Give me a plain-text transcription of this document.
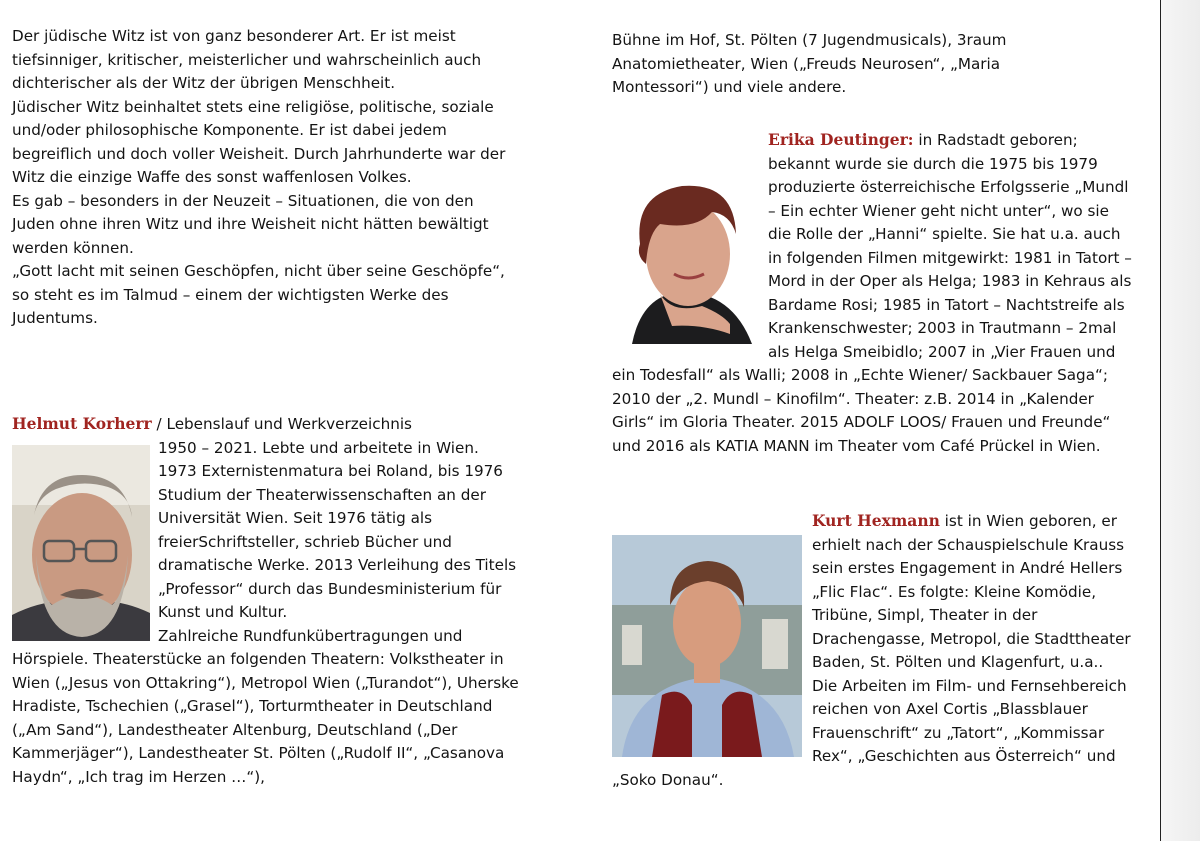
Der jüdische Witz ist von ganz besonderer Art. Er ist meist tiefsinniger, kritischer, meisterlicher und wahrscheinlich auch dichterischer als der Witz der übrigen Menschheit.

Jüdischer Witz beinhaltet stets eine religiöse, politische, soziale und/oder philosophische Komponente. Er ist dabei jedem begreiflich und doch voller Weisheit. Durch Jahrhunderte war der Witz die einzige Waffe des sonst waffenlosen Volkes.

Es gab – besonders in der Neuzeit – Situationen, die von den Juden ohne ihren Witz und ihre Weisheit nicht hätten bewältigt werden können.

„Gott lacht mit seinen Geschöpfen, nicht über seine Geschöpfe“, so steht es im Talmud – einem der wichtigsten Werke des Judentums.

Helmut Korherr / Lebenslauf und Werkverzeichnis

1950 – 2021. Lebte und arbeitete in Wien. 1973 Externistenmatura bei Roland, bis 1976 Studium der Theaterwissenschaften an der Universität Wien. Seit 1976 tätig als freierSchriftsteller, schrieb Bücher und dramatische Werke. 2013 Verleihung des Titels „Professor“ durch das Bundesministerium für Kunst und Kultur.

Zahlreiche Rundfunkübertragungen und Hörspiele. Theaterstücke an folgenden Theatern: Volkstheater in Wien („Jesus von Ottakring“), Metropol Wien („Turandot“), Uherske Hradiste, Tschechien („Grasel“), Torturmtheater in Deutschland („Am Sand“), Landestheater Altenburg, Deutschland („Der Kammerjäger“), Landestheater St. Pölten („Rudolf II“, „Casanova Haydn“, „Ich trag im Herzen …“),

Bühne im Hof, St. Pölten (7 Jugendmusicals), 3raum Anatomietheater, Wien („Freuds Neurosen“, „Maria Montessori“) und viele andere.

Erika Deutinger: in Radstadt geboren; bekannt wurde sie durch die 1975 bis 1979 produzierte österreichische Erfolgsserie „Mundl – Ein echter Wiener geht nicht unter“, wo sie die Rolle der „Hanni“ spielte. Sie hat u.a. auch in folgenden Filmen mitgewirkt: 1981 in Tatort – Mord in der Oper als Helga; 1983 in Kehraus als Bardame Rosi; 1985 in Tatort – Nachtstreife als Krankenschwester; 2003 in Trautmann – 2mal als Helga Smeibidlo; 2007 in „Vier Frauen und ein Todesfall“ als Walli; 2008 in „Echte Wiener/ Sackbauer Saga“; 2010 der „2. Mundl – Kinofilm“. Theater: z.B. 2014 in „Kalender Girls“ im Gloria Theater. 2015 ADOLF LOOS/ Frauen und Freunde“ und 2016 als KATIA MANN im Theater vom Café Prückel in Wien.

Kurt Hexmann ist in Wien geboren, er erhielt nach der Schauspielschule Krauss sein erstes Engagement in André Hellers „Flic Flac“. Es folgte: Kleine Komödie, Tribüne, Simpl, Theater in der Drachengasse, Metropol, die Stadttheater Baden, St. Pölten und Klagenfurt, u.a.. Die Arbeiten im Film- und Fernsehbereich reichen von Axel Cortis „Blassblauer Frauenschrift“ zu „Tatort“, „Kommissar Rex“, „Geschichten aus Österreich“ und „Soko Donau“.
